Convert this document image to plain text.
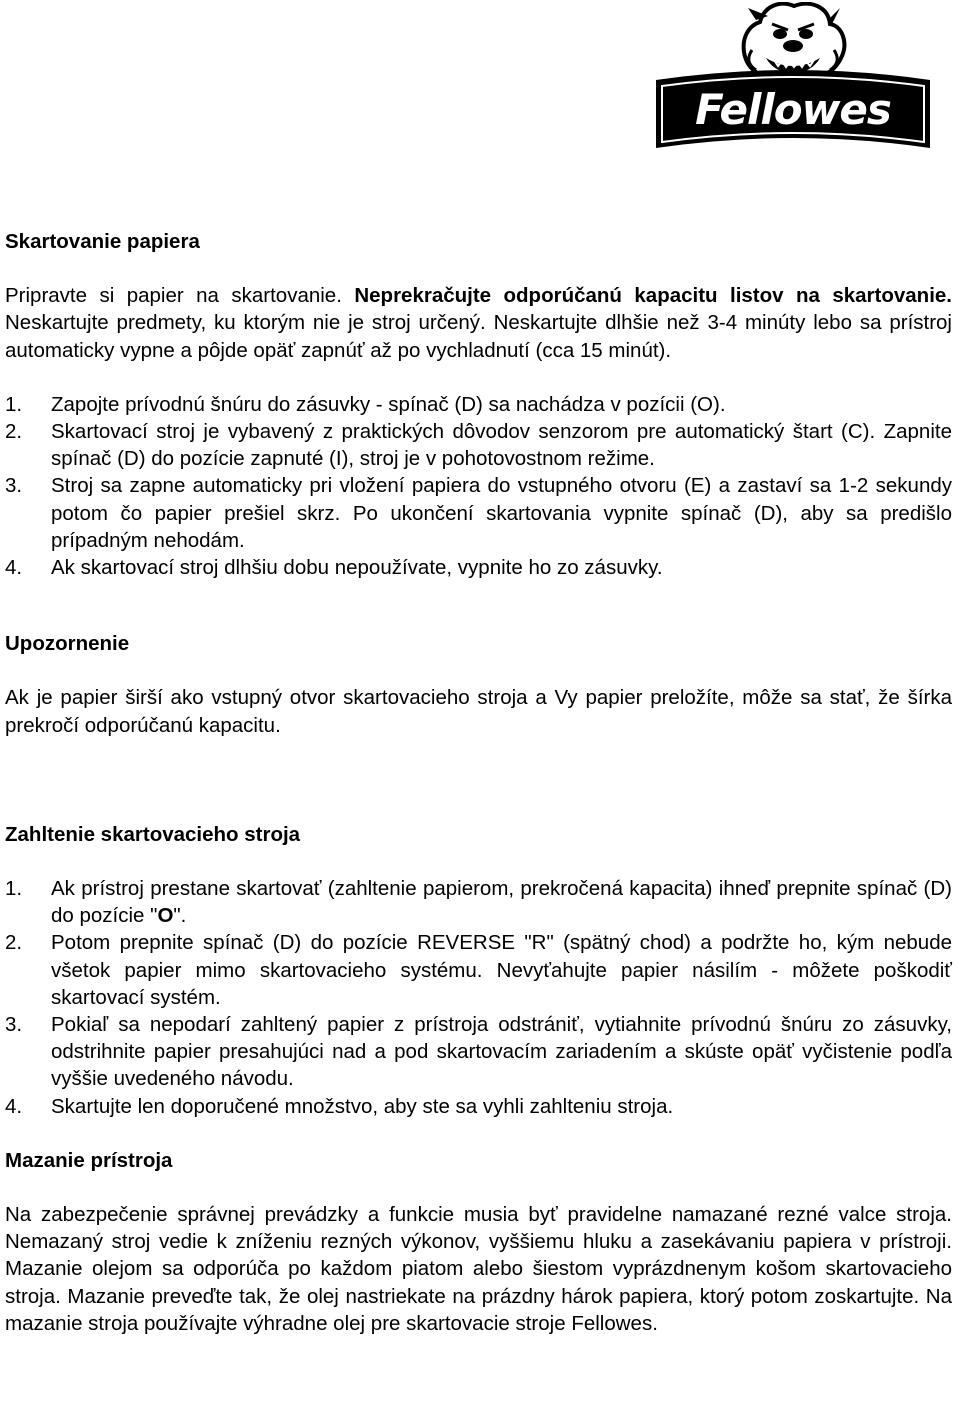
Fellowes
Skartovanie papiera

Pripravte si papier na skartovanie. Neprekračujte odporúčanú kapacitu listov na skartovanie. Neskartujte predmety, ku ktorým nie je stroj určený. Neskartujte dlhšie než 3-4 minúty lebo sa prístroj automaticky vypne a pôjde opäť zapnúť až po vychladnutí (cca 15 minút).

1. Zapojte prívodnú šnúru do zásuvky - spínač (D) sa nachádza v pozícii (O).
2. Skartovací stroj je vybavený z praktických dôvodov senzorom pre automatický štart (C). Zapnite spínač (D) do pozície zapnuté (I), stroj je v pohotovostnom režime.
3. Stroj sa zapne automaticky pri vložení papiera do vstupného otvoru (E) a zastaví sa 1-2 sekundy potom čo papier prešiel skrz. Po ukončení skartovania vypnite spínač (D), aby sa predišlo prípadným nehodám.
4. Ak skartovací stroj dlhšiu dobu nepoužívate, vypnite ho zo zásuvky.
Upozornenie

Ak je papier širší ako vstupný otvor skartovacieho stroja a Vy papier preložíte, môže sa stať, že šírka prekročí odporúčanú kapacitu.

Zahltenie skartovacieho stroja
1. Ak prístroj prestane skartovať (zahltenie papierom, prekročená kapacita) ihneď prepnite spínač (D) do pozície "O".
2. Potom prepnite spínač (D) do pozície REVERSE "R" (spätný chod) a podržte ho, kým nebude všetok papier mimo skartovacieho systému. Nevyťahujte papier násilím - môžete poškodiť skartovací systém.
3. Pokiaľ sa nepodarí zahltený papier z prístroja odstrániť, vytiahnite prívodnú šnúru zo zásuvky, odstrihnite papier presahujúci nad a pod skartovacím zariadením a skúste opäť vyčistenie podľa vyššie uvedeného návodu.
4. Skartujte len doporučené množstvo, aby ste sa vyhli zahlteniu stroja.
Mazanie prístroja

Na zabezpečenie správnej prevádzky a funkcie musia byť pravidelne namazané rezné valce stroja. Nemazaný stroj vedie k zníženiu rezných výkonov, vyššiemu hluku a zasekávaniu papiera v prístroji. Mazanie olejom sa odporúča po každom piatom alebo šiestom vyprázdnenym košom skartovacieho stroja. Mazanie preveďte tak, že olej nastriekate na prázdny hárok papiera, ktorý potom zoskartujte. Na mazanie stroja používajte výhradne olej pre skartovacie stroje Fellowes.
